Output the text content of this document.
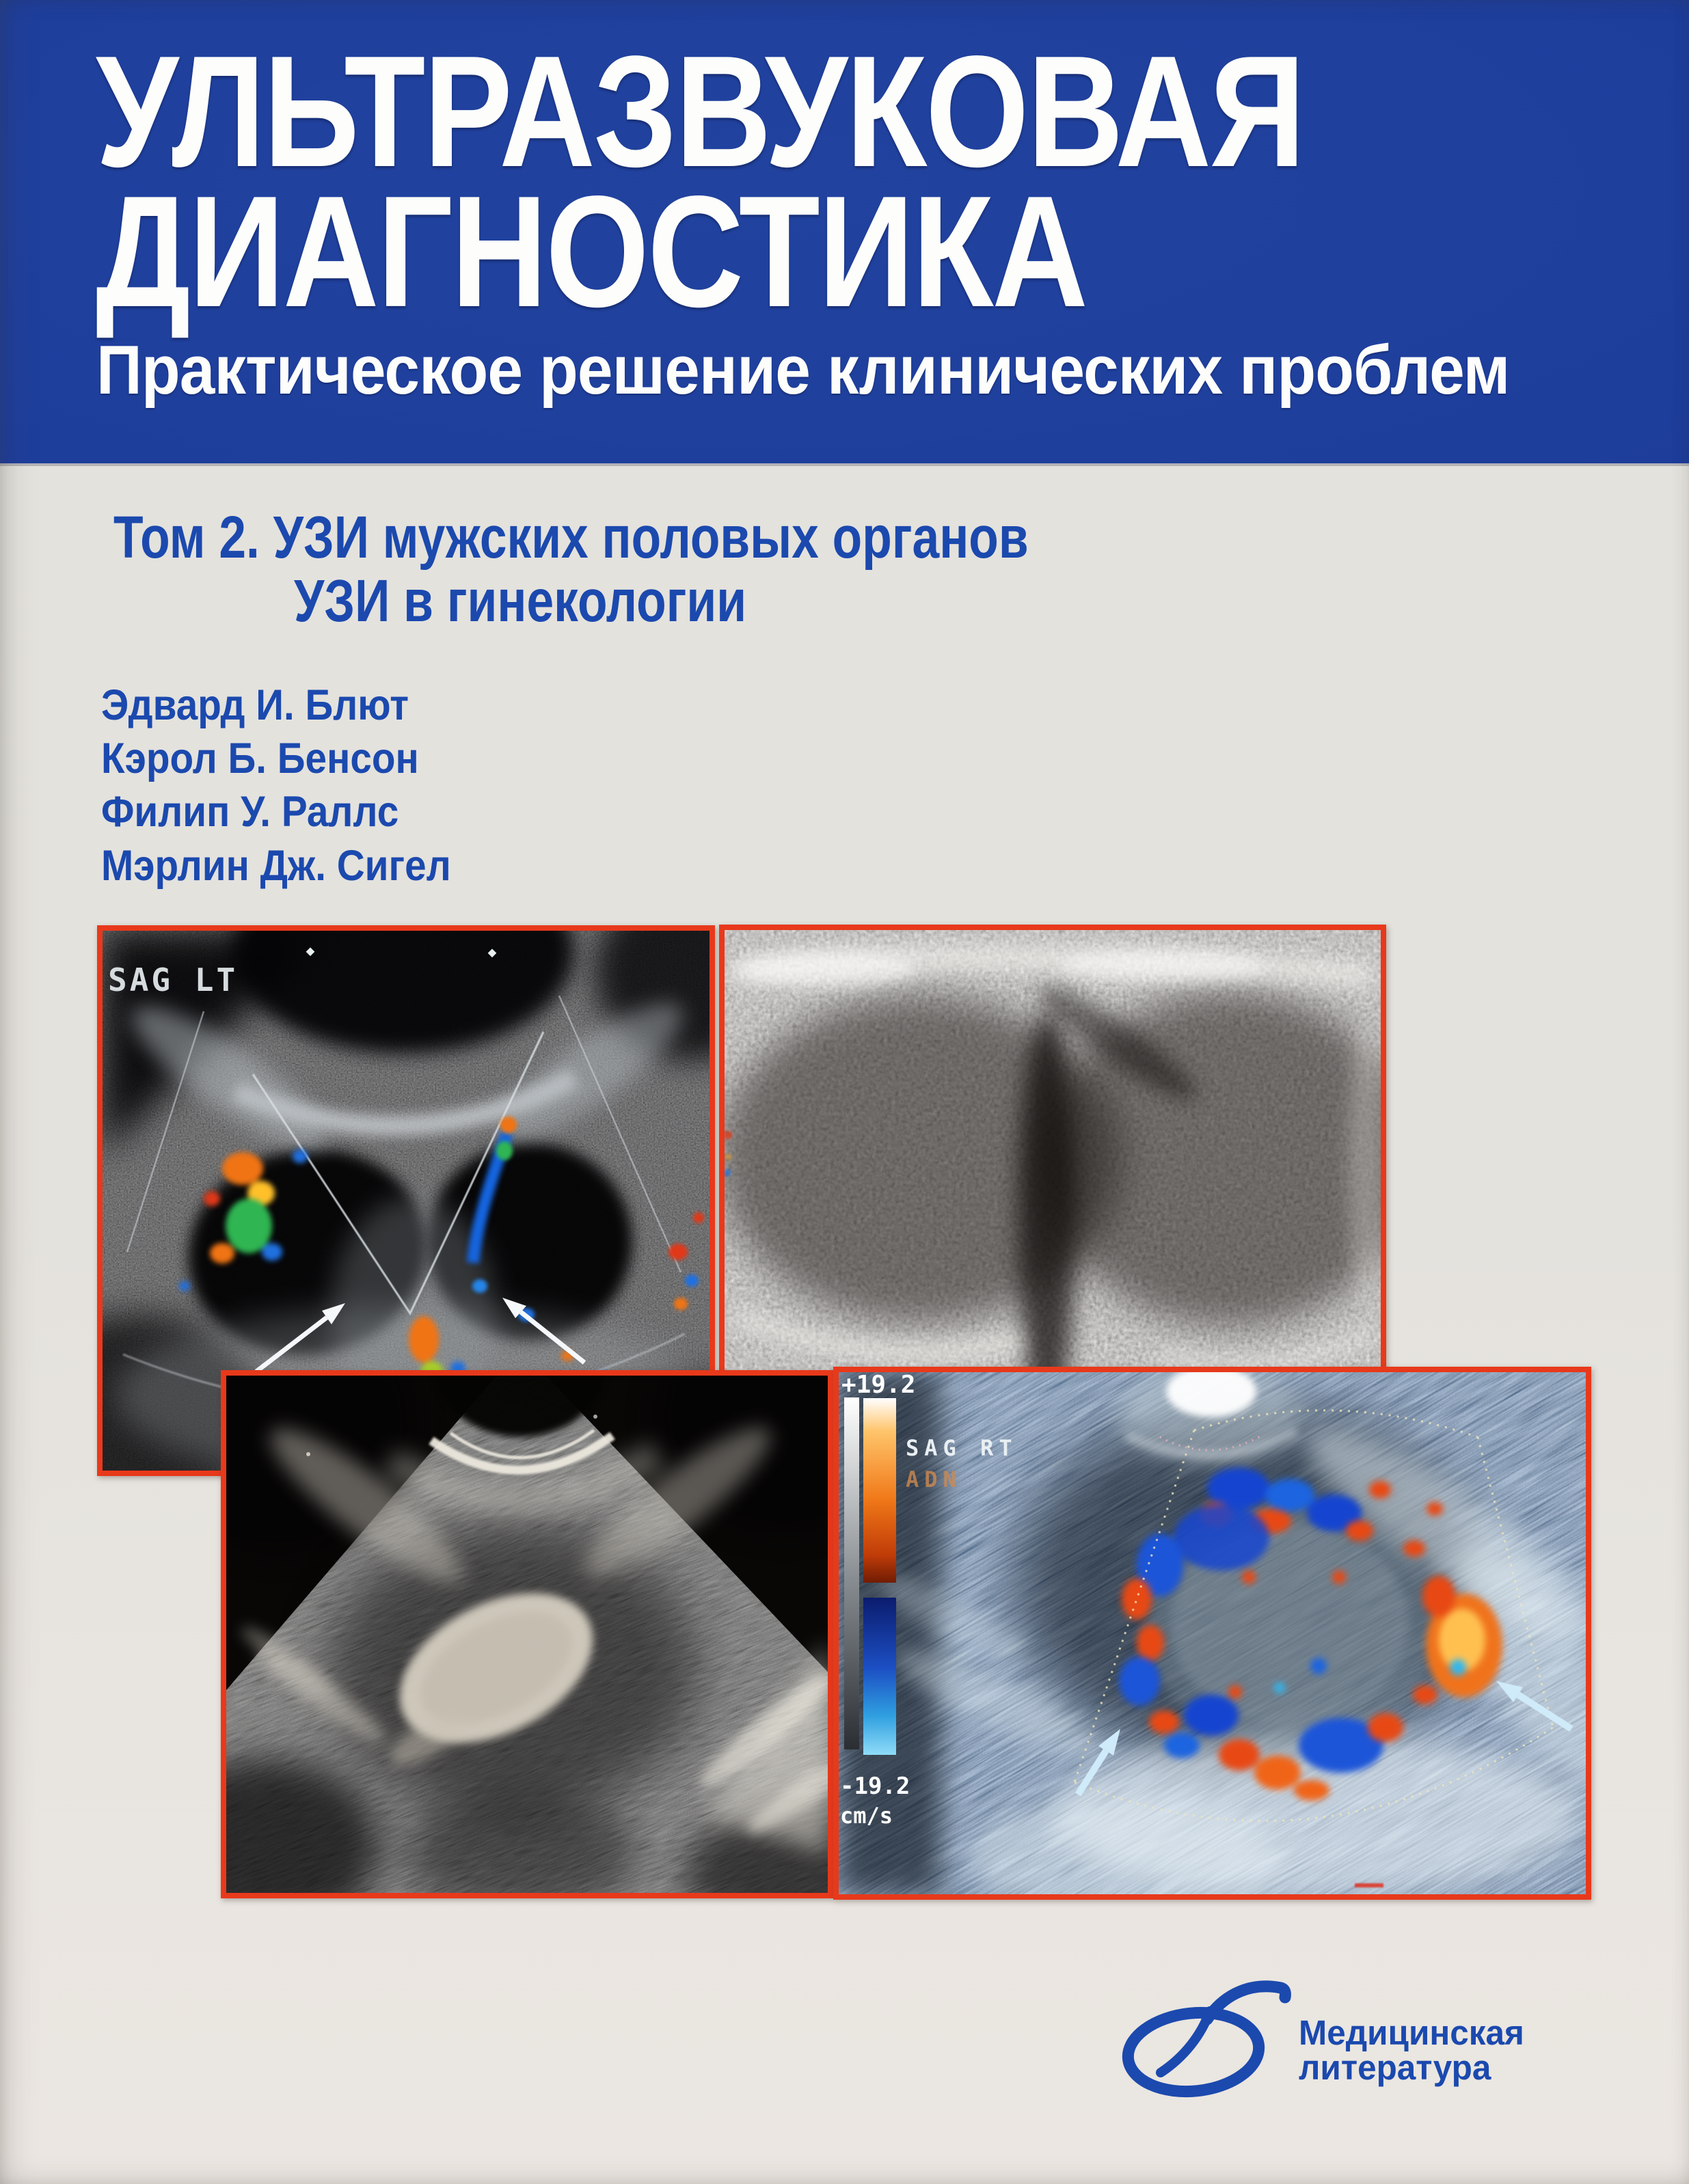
УЛЬТРАЗВУКОВАЯ
ДИАГНОСТИКА
Практическое решение клинических проблем
Том 2. УЗИ мужских половых органов
УЗИ в гинекологии
Эдвард И. Блют
Кэрол Б. Бенсон
Филип У. Раллс
Мэрлин Дж. Сигел
SAG LT
+19.2
-19.2
cm/s
SAG RT
ADN
Медицинская
литература
